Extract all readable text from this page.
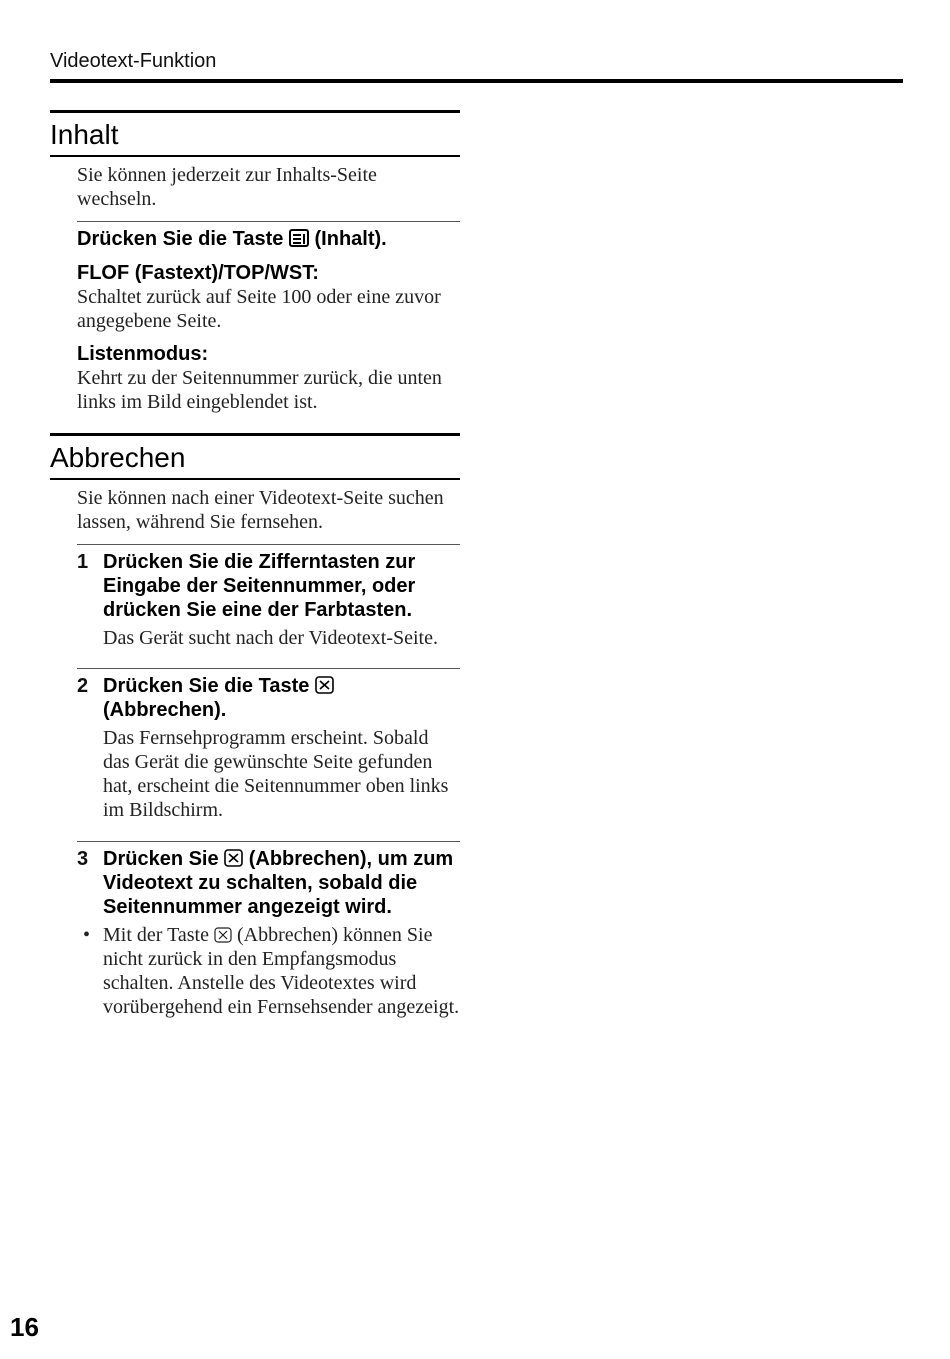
Videotext-Funktion
Inhalt

Sie können jederzeit zur Inhalts-Seite wechseln.

Drücken Sie die Taste (Inhalt).

FLOF (Fastext)/TOP/WST:

Schaltet zurück auf Seite 100 oder eine zuvor angegebene Seite.

Listenmodus:

Kehrt zu der Seitennummer zurück, die unten links im Bild eingeblendet ist.

Abbrechen

Sie können nach einer Videotext-Seite suchen lassen, während Sie fernsehen.

1 Drücken Sie die Zifferntasten zur Eingabe der Seitennummer, oder drücken Sie eine der Farbtasten.
Das Gerät sucht nach der Videotext-Seite.
2 Drücken Sie die Taste
(Abbrechen).
Das Fernsehprogramm erscheint. Sobald das Gerät die gewünschte Seite gefunden hat, erscheint die Seitennummer oben links im Bildschirm.
3 Drücken Sie (Abbrechen), um zum Videotext zu schalten, sobald die Seitennummer angezeigt wird.
• Mit der Taste (Abbrechen) können Sie nicht zurück in den Empfangsmodus schalten. Anstelle des Videotextes wird vorübergehend ein Fernsehsender angezeigt.
16
